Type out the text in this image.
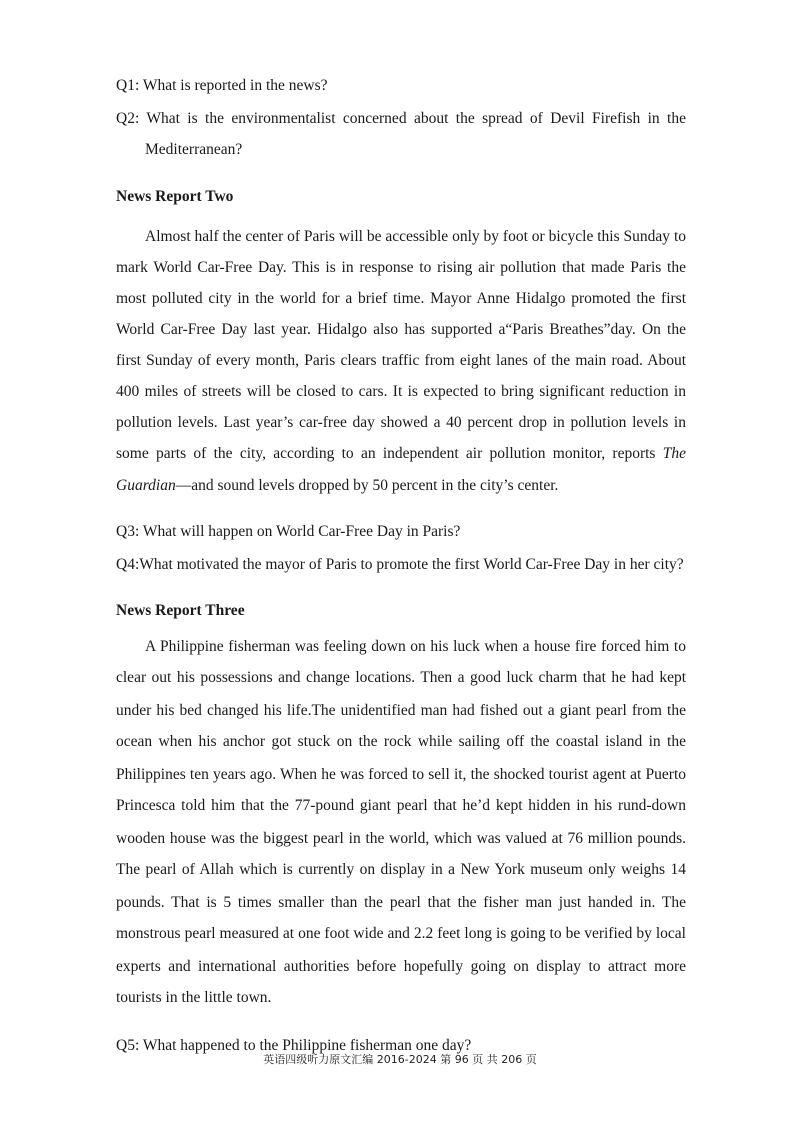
Q1: What is reported in the news?
Q2: What is the environmentalist concerned about the spread of Devil Firefish in the
Mediterranean?
News Report Two
Almost half the center of Paris will be accessible only by foot or bicycle this Sunday to
mark World Car-Free Day. This is in response to rising air pollution that made Paris the
most polluted city in the world for a brief time. Mayor Anne Hidalgo promoted the first
World Car-Free Day last year. Hidalgo also has supported a“Paris Breathes”day. On the
first Sunday of every month, Paris clears traffic from eight lanes of the main road. About
400 miles of streets will be closed to cars. It is expected to bring significant reduction in
pollution levels. Last year’s car-free day showed a 40 percent drop in pollution levels in
some parts of the city, according to an independent air pollution monitor, reports The
Guardian—and sound levels dropped by 50 percent in the city’s center.
Q3: What will happen on World Car-Free Day in Paris?
Q4:What motivated the mayor of Paris to promote the first World Car-Free Day in her city?
News Report Three
A Philippine fisherman was feeling down on his luck when a house fire forced him to
clear out his possessions and change locations. Then a good luck charm that he had kept
under his bed changed his life.The unidentified man had fished out a giant pearl from the
ocean when his anchor got stuck on the rock while sailing off the coastal island in the
Philippines ten years ago. When he was forced to sell it, the shocked tourist agent at Puerto
Princesca told him that the 77-pound giant pearl that he’d kept hidden in his rund-down
wooden house was the biggest pearl in the world, which was valued at 76 million pounds.
The pearl of Allah which is currently on display in a New York museum only weighs 14
pounds. That is 5 times smaller than the pearl that the fisher man just handed in. The
monstrous pearl measured at one foot wide and 2.2 feet long is going to be verified by local
experts and international authorities before hopefully going on display to attract more
tourists in the little town.
Q5: What happened to the Philippine fisherman one day?
英语四级听力原文汇编 2016-2024 第 96 页 共 206 页
